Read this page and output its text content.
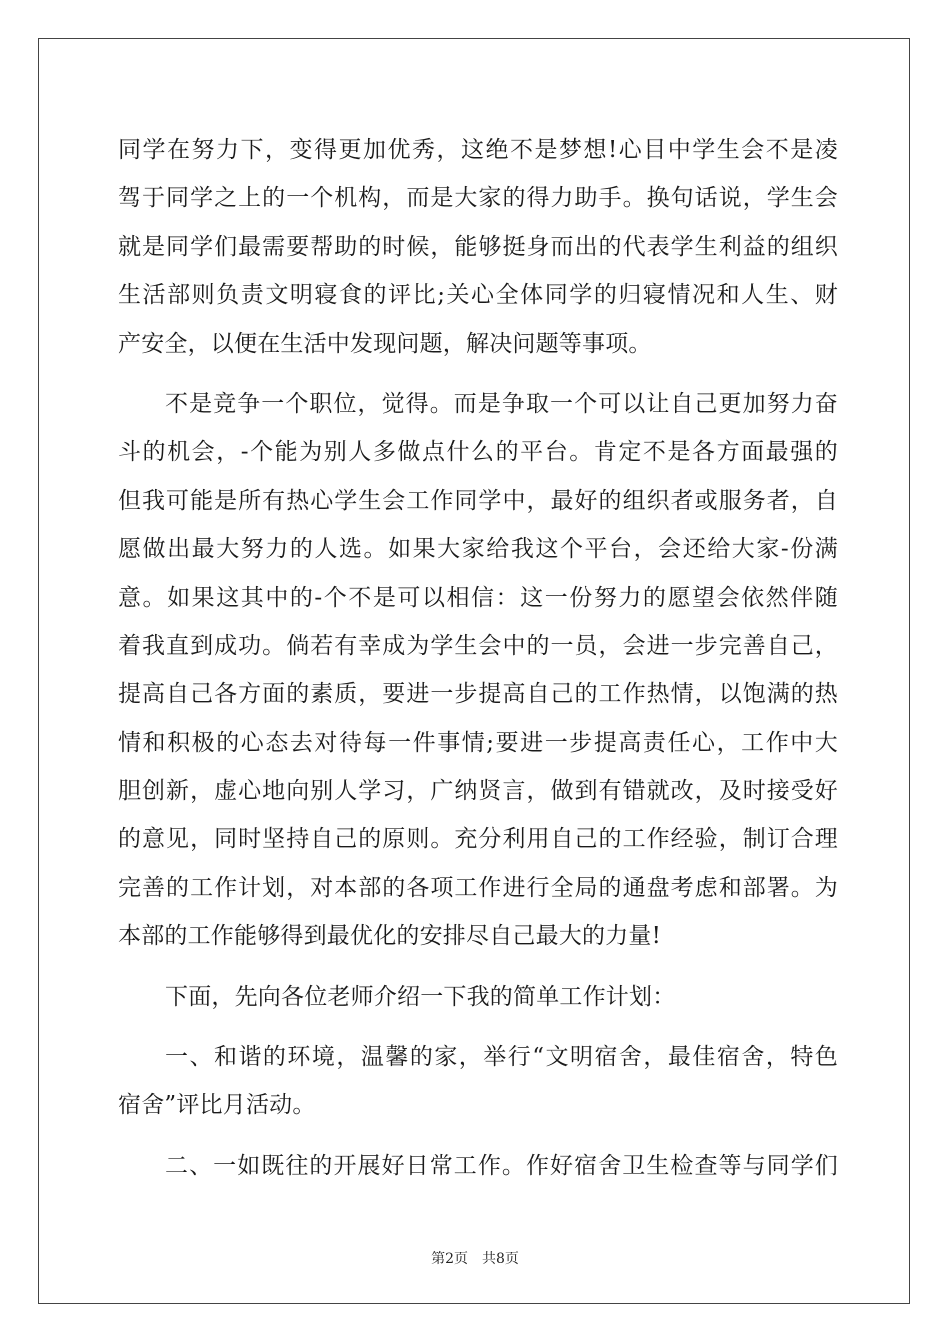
同学在努力下，变得更加优秀，这绝不是梦想!心目中学生会不是凌
驾于同学之上的一个机构，而是大家的得力助手。换句话说，学生会
就是同学们最需要帮助的时候，能够挺身而出的代表学生利益的组织
生活部则负责文明寝食的评比;关心全体同学的归寝情况和人生、财
产安全，以便在生活中发现问题，解决问题等事项。
不是竞争一个职位，觉得。而是争取一个可以让自己更加努力奋
斗的机会，-个能为别人多做点什么的平台。肯定不是各方面最强的
但我可能是所有热心学生会工作同学中，最好的组织者或服务者，自
愿做出最大努力的人选。如果大家给我这个平台，会还给大家-份满
意。如果这其中的-个不是可以相信：这一份努力的愿望会依然伴随
着我直到成功。倘若有幸成为学生会中的一员，会进一步完善自己，
提高自己各方面的素质，要进一步提高自己的工作热情，以饱满的热
情和积极的心态去对待每一件事情;要进一步提高责任心，工作中大
胆创新，虚心地向别人学习，广纳贤言，做到有错就改，及时接受好
的意见，同时坚持自己的原则。充分利用自己的工作经验，制订合理
完善的工作计划，对本部的各项工作进行全局的通盘考虑和部署。为
本部的工作能够得到最优化的安排尽自己最大的力量!
下面，先向各位老师介绍一下我的简单工作计划：
一、和谐的环境，温馨的家，举行“文明宿舍，最佳宿舍，特色
宿舍”评比月活动。
二、一如既往的开展好日常工作。作好宿舍卫生检查等与同学们
第2页　共8页
